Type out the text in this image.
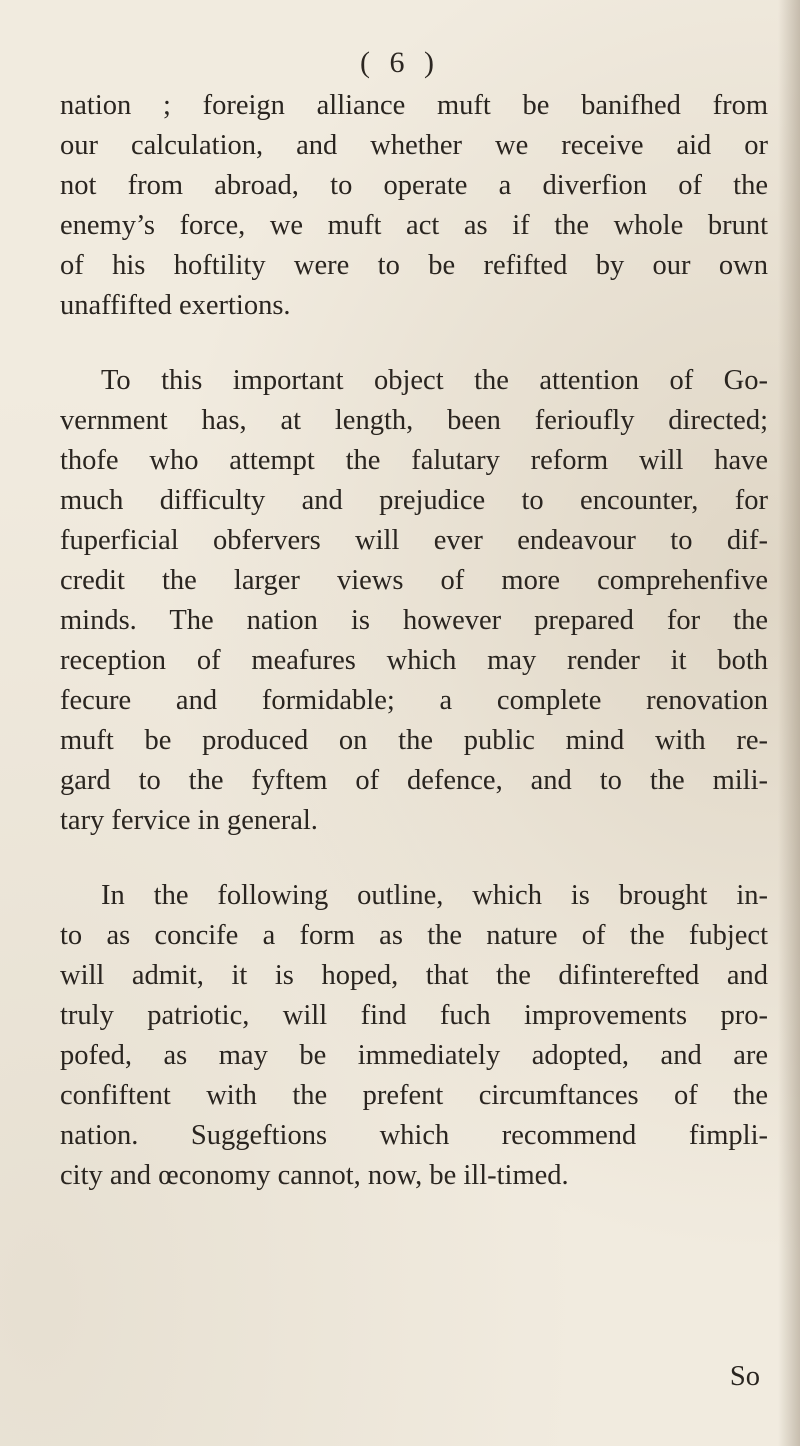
( 6 )
nation ; foreign alliance muft be banifhed from
our calculation, and whether we receive aid or
not from abroad, to operate a diverfion of the
enemy’s force, we muft act as if the whole brunt
of his hoftility were to be refifted by our own
unaffifted exertions.
To this important object the attention of Go-
vernment has, at length, been ferioufly directed;
thofe who attempt the falutary reform will have
much difficulty and prejudice to encounter, for
fuperficial obfervers will ever endeavour to dif-
credit the larger views of more comprehenfive
minds. The nation is however prepared for the
reception of meafures which may render it both
fecure and formidable; a complete renovation
muft be produced on the public mind with re-
gard to the fyftem of defence, and to the mili-
tary fervice in general.
In the following outline, which is brought in-
to as concife a form as the nature of the fubject
will admit, it is hoped, that the difinterefted and
truly patriotic, will find fuch improvements pro-
pofed, as may be immediately adopted, and are
confiftent with the prefent circumftances of the
nation. Suggeftions which recommend fimpli-
city and œconomy cannot, now, be ill-timed.
So
